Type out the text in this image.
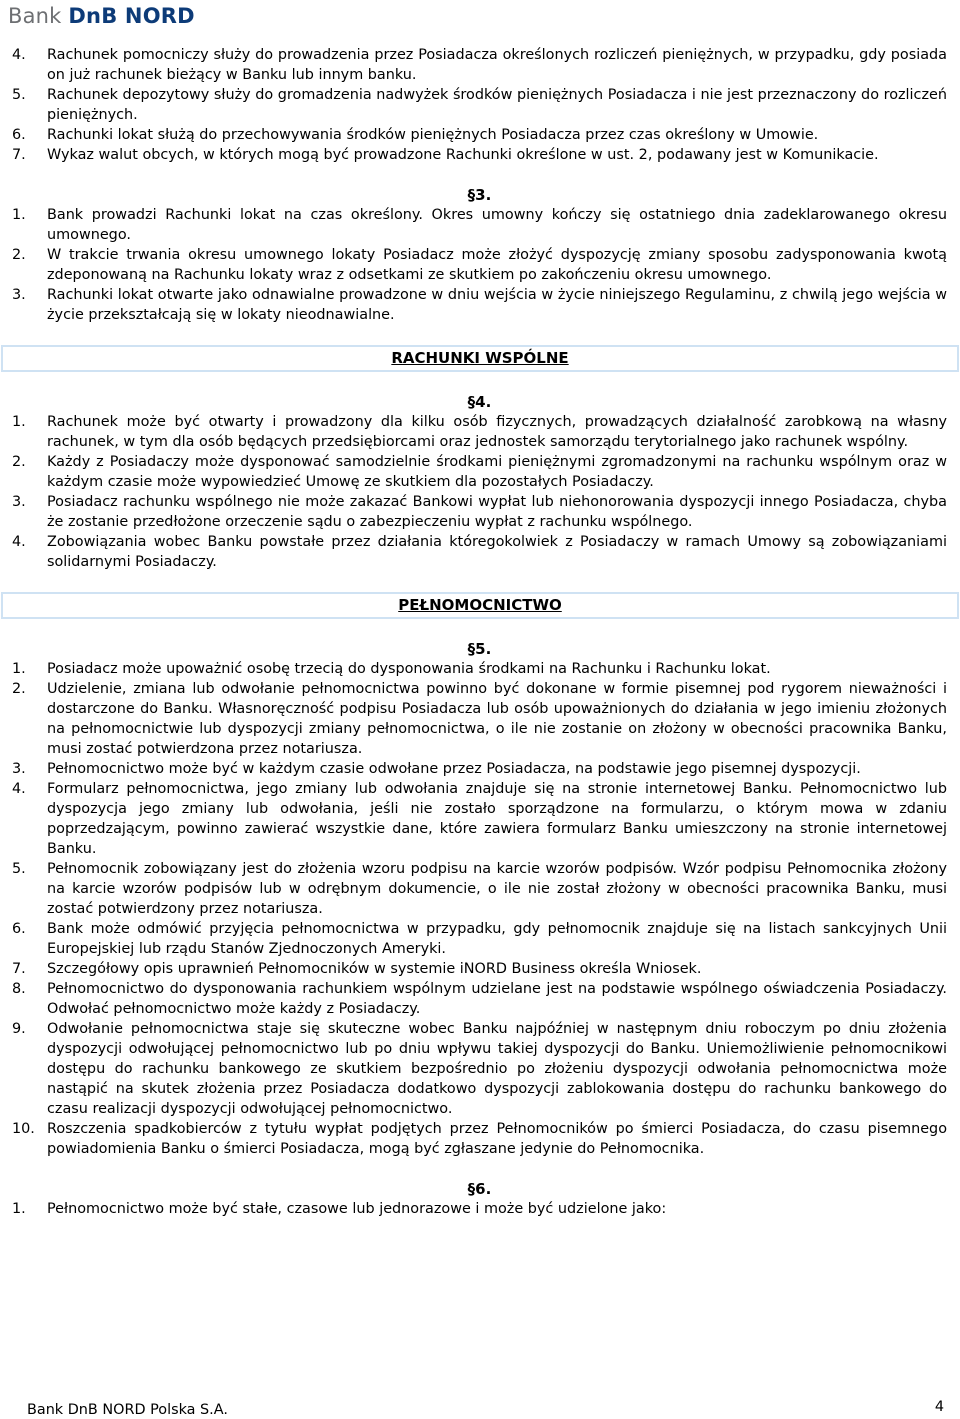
Bank DnB NORD
4.	Rachunek pomocniczy służy do prowadzenia przez Posiadacza określonych rozliczeń pieniężnych, w przypadku, gdy posiada on już rachunek bieżący w Banku lub innym banku.
5.	Rachunek depozytowy służy do gromadzenia nadwyżek środków pieniężnych Posiadacza i nie jest przeznaczony do rozliczeń pieniężnych.
6.	Rachunki lokat służą do przechowywania środków pieniężnych Posiadacza przez czas określony w Umowie.
7.	Wykaz walut obcych, w których mogą być prowadzone Rachunki określone w ust. 2, podawany jest w Komunikacie.
§3.
1.	Bank prowadzi Rachunki lokat na czas określony. Okres umowny kończy się ostatniego dnia zadeklarowanego okresu umownego.
2.	W trakcie trwania okresu umownego lokaty Posiadacz może złożyć dyspozycję zmiany sposobu zadysponowania kwotą zdeponowaną na Rachunku lokaty wraz z odsetkami ze skutkiem po zakończeniu okresu umownego.
3.	Rachunki lokat otwarte jako odnawialne prowadzone w dniu wejścia w życie niniejszego Regulaminu, z chwilą jego wejścia w życie przekształcają się w lokaty nieodnawialne.
RACHUNKI WSPÓLNE
§4.
1.	Rachunek może być otwarty i prowadzony dla kilku osób fizycznych, prowadzących działalność zarobkową na własny rachunek, w tym dla osób będących przedsiębiorcami oraz jednostek samorządu terytorialnego jako rachunek wspólny.
2.	Każdy z Posiadaczy może dysponować samodzielnie środkami pieniężnymi zgromadzonymi na rachunku wspólnym oraz w każdym czasie może wypowiedzieć Umowę ze skutkiem dla pozostałych Posiadaczy.
3.	Posiadacz rachunku wspólnego nie może zakazać Bankowi wypłat lub niehonorowania dyspozycji innego Posiadacza, chyba że zostanie przedłożone orzeczenie sądu o zabezpieczeniu wypłat z rachunku wspólnego.
4.	Zobowiązania wobec Banku powstałe przez działania któregokolwiek z Posiadaczy w ramach Umowy są zobowiązaniami solidarnymi Posiadaczy.
PEŁNOMOCNICTWO
§5.
1.	Posiadacz może upoważnić osobę trzecią do dysponowania środkami na Rachunku i Rachunku lokat.
2.	Udzielenie, zmiana lub odwołanie pełnomocnictwa powinno być dokonane w formie pisemnej pod rygorem nieważności i dostarczone do Banku. Własnoręczność podpisu Posiadacza lub osób upoważnionych do działania w jego imieniu złożonych na pełnomocnictwie lub dyspozycji zmiany pełnomocnictwa, o ile nie zostanie on złożony w obecności pracownika Banku, musi zostać potwierdzona przez notariusza.
3.	Pełnomocnictwo może być w każdym czasie odwołane przez Posiadacza, na podstawie jego pisemnej dyspozycji.
4.	Formularz pełnomocnictwa, jego zmiany lub odwołania znajduje się na stronie internetowej Banku. Pełnomocnictwo lub dyspozycja jego zmiany lub odwołania, jeśli nie zostało sporządzone na formularzu, o którym mowa w zdaniu poprzedzającym, powinno zawierać wszystkie dane, które zawiera formularz Banku umieszczony na stronie internetowej Banku.
5.	Pełnomocnik zobowiązany jest do złożenia wzoru podpisu na karcie wzorów podpisów. Wzór podpisu Pełnomocnika złożony na karcie wzorów podpisów lub w odrębnym dokumencie, o ile nie został złożony w obecności pracownika Banku, musi zostać potwierdzony przez notariusza.
6.	Bank może odmówić przyjęcia pełnomocnictwa w przypadku, gdy pełnomocnik znajduje się na listach sankcyjnych Unii Europejskiej lub rządu Stanów Zjednoczonych Ameryki.
7.	Szczegółowy opis uprawnień Pełnomocników w systemie iNORD Business określa Wniosek.
8.	Pełnomocnictwo do dysponowania rachunkiem wspólnym udzielane jest na podstawie wspólnego oświadczenia Posiadaczy. Odwołać pełnomocnictwo może każdy z Posiadaczy.
9.	Odwołanie pełnomocnictwa staje się skuteczne wobec Banku najpóźniej w następnym dniu roboczym po dniu złożenia dyspozycji odwołującej pełnomocnictwo lub po dniu wpływu takiej dyspozycji do Banku. Uniemożliwienie pełnomocnikowi dostępu do rachunku bankowego ze skutkiem bezpośrednio po złożeniu dyspozycji odwołania pełnomocnictwa może nastąpić na skutek złożenia przez Posiadacza dodatkowo dyspozycji zablokowania dostępu do rachunku bankowego do czasu realizacji dyspozycji odwołującej pełnomocnictwo.
10. Roszczenia spadkobierców z tytułu wypłat podjętych przez Pełnomocników po śmierci Posiadacza, do czasu pisemnego powiadomienia Banku o śmierci Posiadacza, mogą być zgłaszane jedynie do Pełnomocnika.
§6.
1.	Pełnomocnictwo może być stałe, czasowe lub jednorazowe i może być udzielone jako:
Bank DnB NORD Polska S.A.	4
